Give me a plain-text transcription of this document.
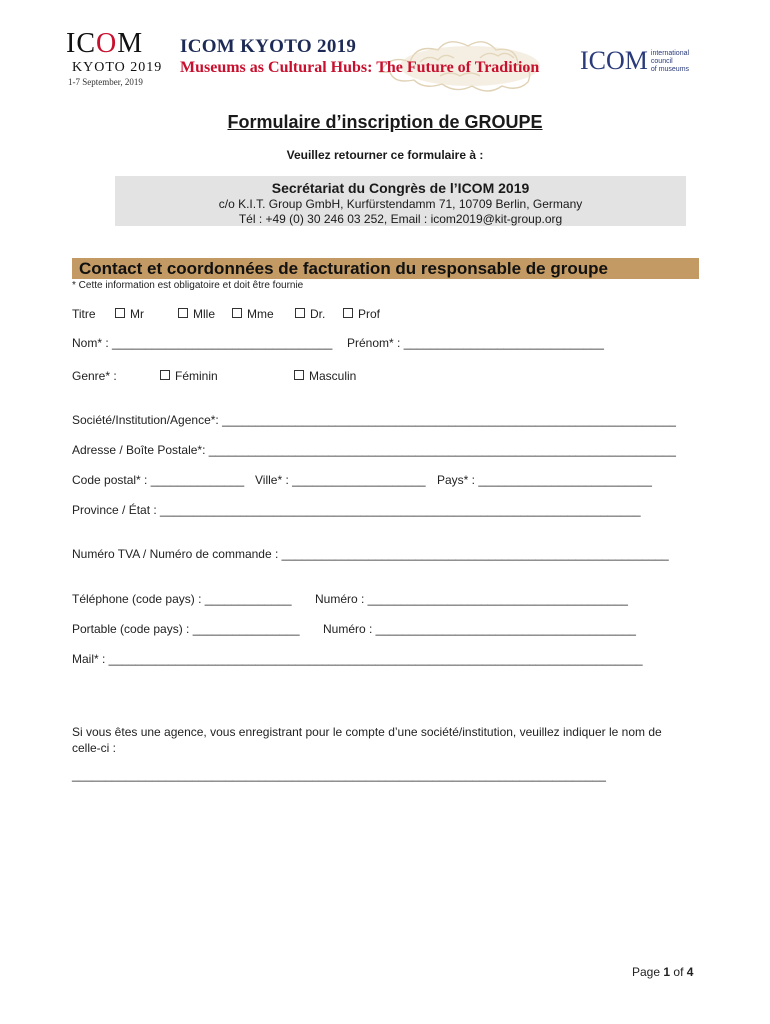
ICOM
KYOTO 2019
1-7 September, 2019
ICOM KYOTO 2019
Museums as Cultural Hubs: The Future of Tradition ICOM international
council
of museums
Formulaire d’inscription de GROUPE
Veuillez retourner ce formulaire à :
Secrétariat du Congrès de l’ICOM 2019
c/o K.I.T. Group GmbH, Kurfürstendamm 71, 10709 Berlin, Germany
Tél : +49 (0) 30 246 03 252, Email : icom2019@kit-group.org
Contact et coordonnées de facturation du responsable de groupe
* Cette information est obligatoire et doit être fournie
Titre	Mr	Mlle	Mme	Dr.	Prof
Nom* : _________________________________ Prénom* : ______________________________
Genre* :	Féminin	Masculin
Société/Institution/Agence*: ____________________________________________________________________
Adresse / Boîte Postale*: ______________________________________________________________________
Code postal* : ______________ Ville* : ____________________ Pays* : __________________________
Province / État : ________________________________________________________________________
Numéro TVA / Numéro de commande : __________________________________________________________
Téléphone (code pays) : _____________ Numéro : _______________________________________
Portable (code pays) : ________________ Numéro : _______________________________________
Mail* : ________________________________________________________________________________
Si vous êtes une agence, vous enregistrant pour le compte d’une société/institution, veuillez indiquer le nom de
celle-ci :
________________________________________________________________________________
Page 1 of 4
